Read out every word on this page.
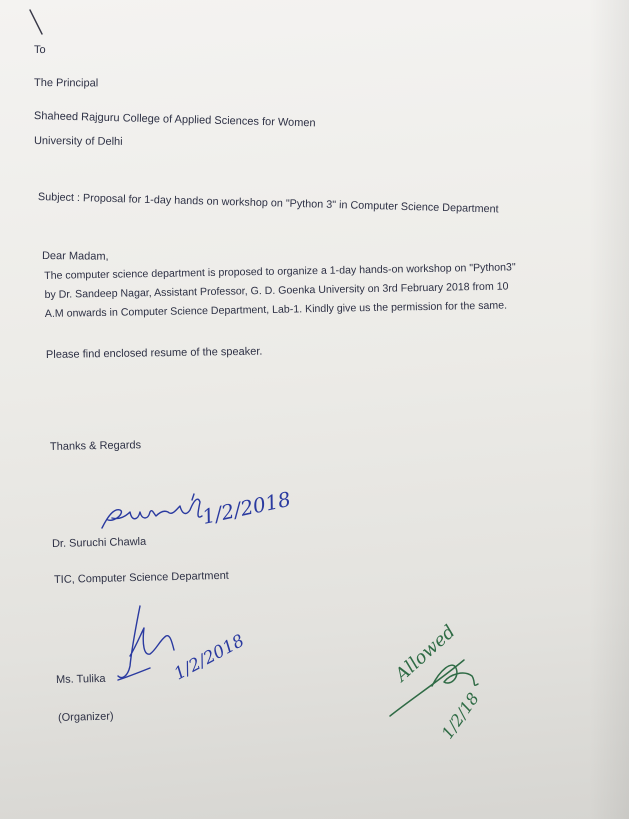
To
The Principal
Shaheed Rajguru College of Applied Sciences for Women
University of Delhi
Subject : Proposal for 1-day hands on workshop on "Python 3" in Computer Science Department
Dear Madam,
The computer science department is proposed to organize a 1-day hands-on workshop on "Python3"
by Dr. Sandeep Nagar, Assistant Professor, G. D. Goenka University on 3rd February 2018 from 10
A.M onwards in Computer Science Department, Lab-1. Kindly give us the permission for the same.
Please find enclosed resume of the speaker.
Thanks & Regards
1/2/2018
Dr. Suruchi Chawla
TIC, Computer Science Department
1/2/2018
Ms. Tulika
(Organizer)
Allowed
1/2/18
